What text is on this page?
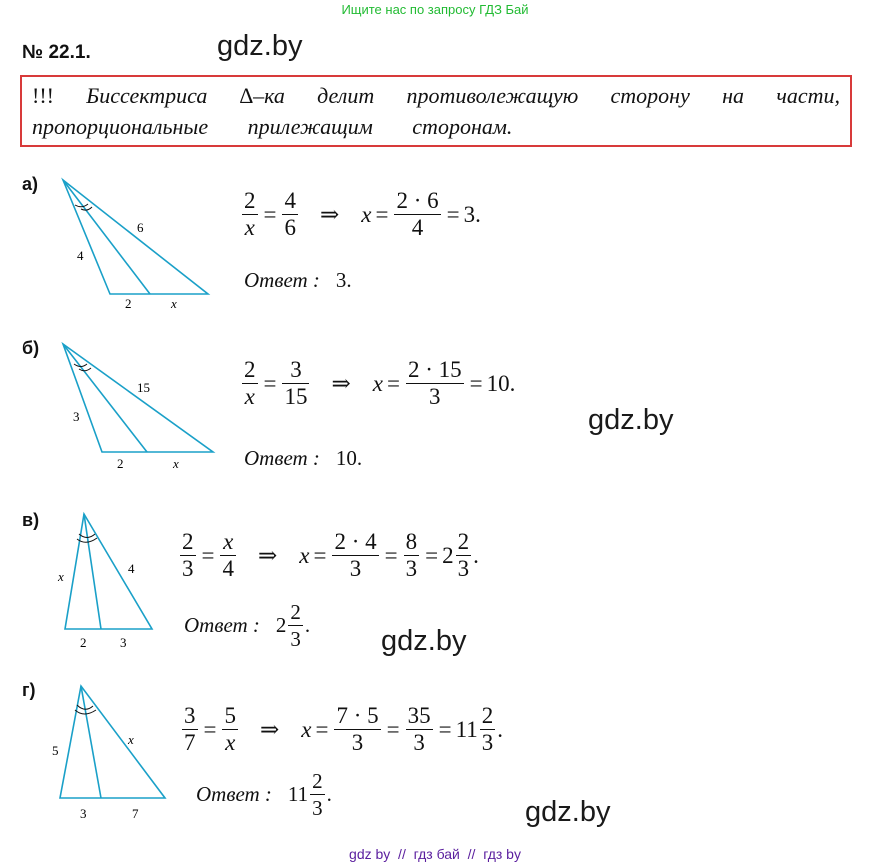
Ищите нас по запросу ГДЗ Бай
№ 22.1.	gdz.by
!!! Биссектриса ∆–ка делит противолежащую сторону на части,
пропорциональные прилежащим сторонам.
а)
4
6
2	x
$\frac{2}{x} = \frac{4}{6}$ ⇒ $x = \frac{2 \cdot 6}{4} = 3$ .
Ответ : 3.
б)
3
15
2	x
$\frac{2}{x} = \frac{3}{15}$ ⇒ $x = \frac{2 \cdot 15}{3} = 10$ .
Ответ : 10.
gdz.by
в)
x
4
2	3
$\frac{2}{3} = \frac{x}{4}$ ⇒ $x = \frac{2 \cdot 4}{3} = \frac{8}{3} = 2 \frac{2}{3}$ .
Ответ : $2 \frac{2}{3}$ . gdz.by
г)
5
x
3	7
$\frac{3}{7} = \frac{5}{x}$ ⇒ $x = \frac{7 \cdot 5}{3} = \frac{35}{3} = 11 \frac{2}{3}$ .
Ответ : $11 \frac{2}{3}$ .
gdz.by
gdz by  //  гдз бай  //  гдз by
